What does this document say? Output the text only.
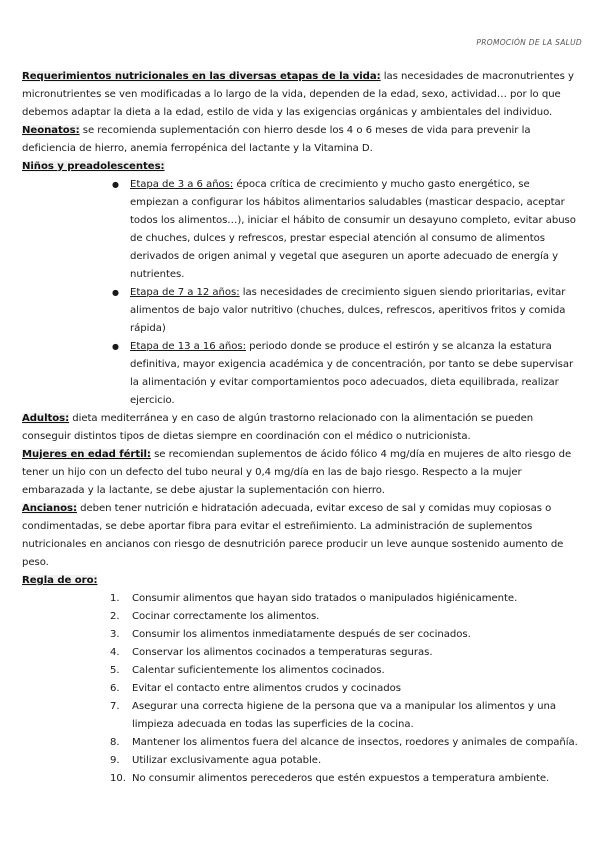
PROMOCIÓN DE LA SALUD

Requerimientos nutricionales en las diversas etapas de la vida: las necesidades de macronutrientes y micronutrientes se ven modificadas a lo largo de la vida, dependen de la edad, sexo, actividad… por lo que debemos adaptar la dieta a la edad, estilo de vida y las exigencias orgánicas y ambientales del individuo.

Neonatos: se recomienda suplementación con hierro desde los 4 o 6 meses de vida para prevenir la deficiencia de hierro, anemia ferropénica del lactante y la Vitamina D.

Niños y preadolescentes:

● Etapa de 3 a 6 años: época crítica de crecimiento y mucho gasto energético, se empiezan a configurar los hábitos alimentarios saludables (masticar despacio, aceptar todos los alimentos…), iniciar el hábito de consumir un desayuno completo, evitar abuso de chuches, dulces y refrescos, prestar especial atención al consumo de alimentos derivados de origen animal y vegetal que aseguren un aporte adecuado de energía y nutrientes.
● Etapa de 7 a 12 años: las necesidades de crecimiento siguen siendo prioritarias, evitar alimentos de bajo valor nutritivo (chuches, dulces, refrescos, aperitivos fritos y comida rápida)
● Etapa de 13 a 16 años: periodo donde se produce el estirón y se alcanza la estatura definitiva, mayor exigencia académica y de concentración, por tanto se debe supervisar la alimentación y evitar comportamientos poco adecuados, dieta equilibrada, realizar ejercicio.

Adultos: dieta mediterránea y en caso de algún trastorno relacionado con la alimentación se pueden conseguir distintos tipos de dietas siempre en coordinación con el médico o nutricionista.

Mujeres en edad fértil: se recomiendan suplementos de ácido fólico 4 mg/día en mujeres de alto riesgo de tener un hijo con un defecto del tubo neural y 0,4 mg/día en las de bajo riesgo. Respecto a la mujer embarazada y la lactante, se debe ajustar la suplementación con hierro.

Ancianos: deben tener nutrición e hidratación adecuada, evitar exceso de sal y comidas muy copiosas o condimentadas, se debe aportar fibra para evitar el estreñimiento. La administración de suplementos nutricionales en ancianos con riesgo de desnutrición parece producir un leve aunque sostenido aumento de peso.

Regla de oro:

1. Consumir alimentos que hayan sido tratados o manipulados higiénicamente.
2. Cocinar correctamente los alimentos.
3. Consumir los alimentos inmediatamente después de ser cocinados.
4. Conservar los alimentos cocinados a temperaturas seguras.
5. Calentar suficientemente los alimentos cocinados.
6. Evitar el contacto entre alimentos crudos y cocinados
7. Asegurar una correcta higiene de la persona que va a manipular los alimentos y una limpieza adecuada en todas las superficies de la cocina.
8. Mantener los alimentos fuera del alcance de insectos, roedores y animales de compañía.
9. Utilizar exclusivamente agua potable.
10. No consumir alimentos perecederos que estén expuestos a temperatura ambiente.
